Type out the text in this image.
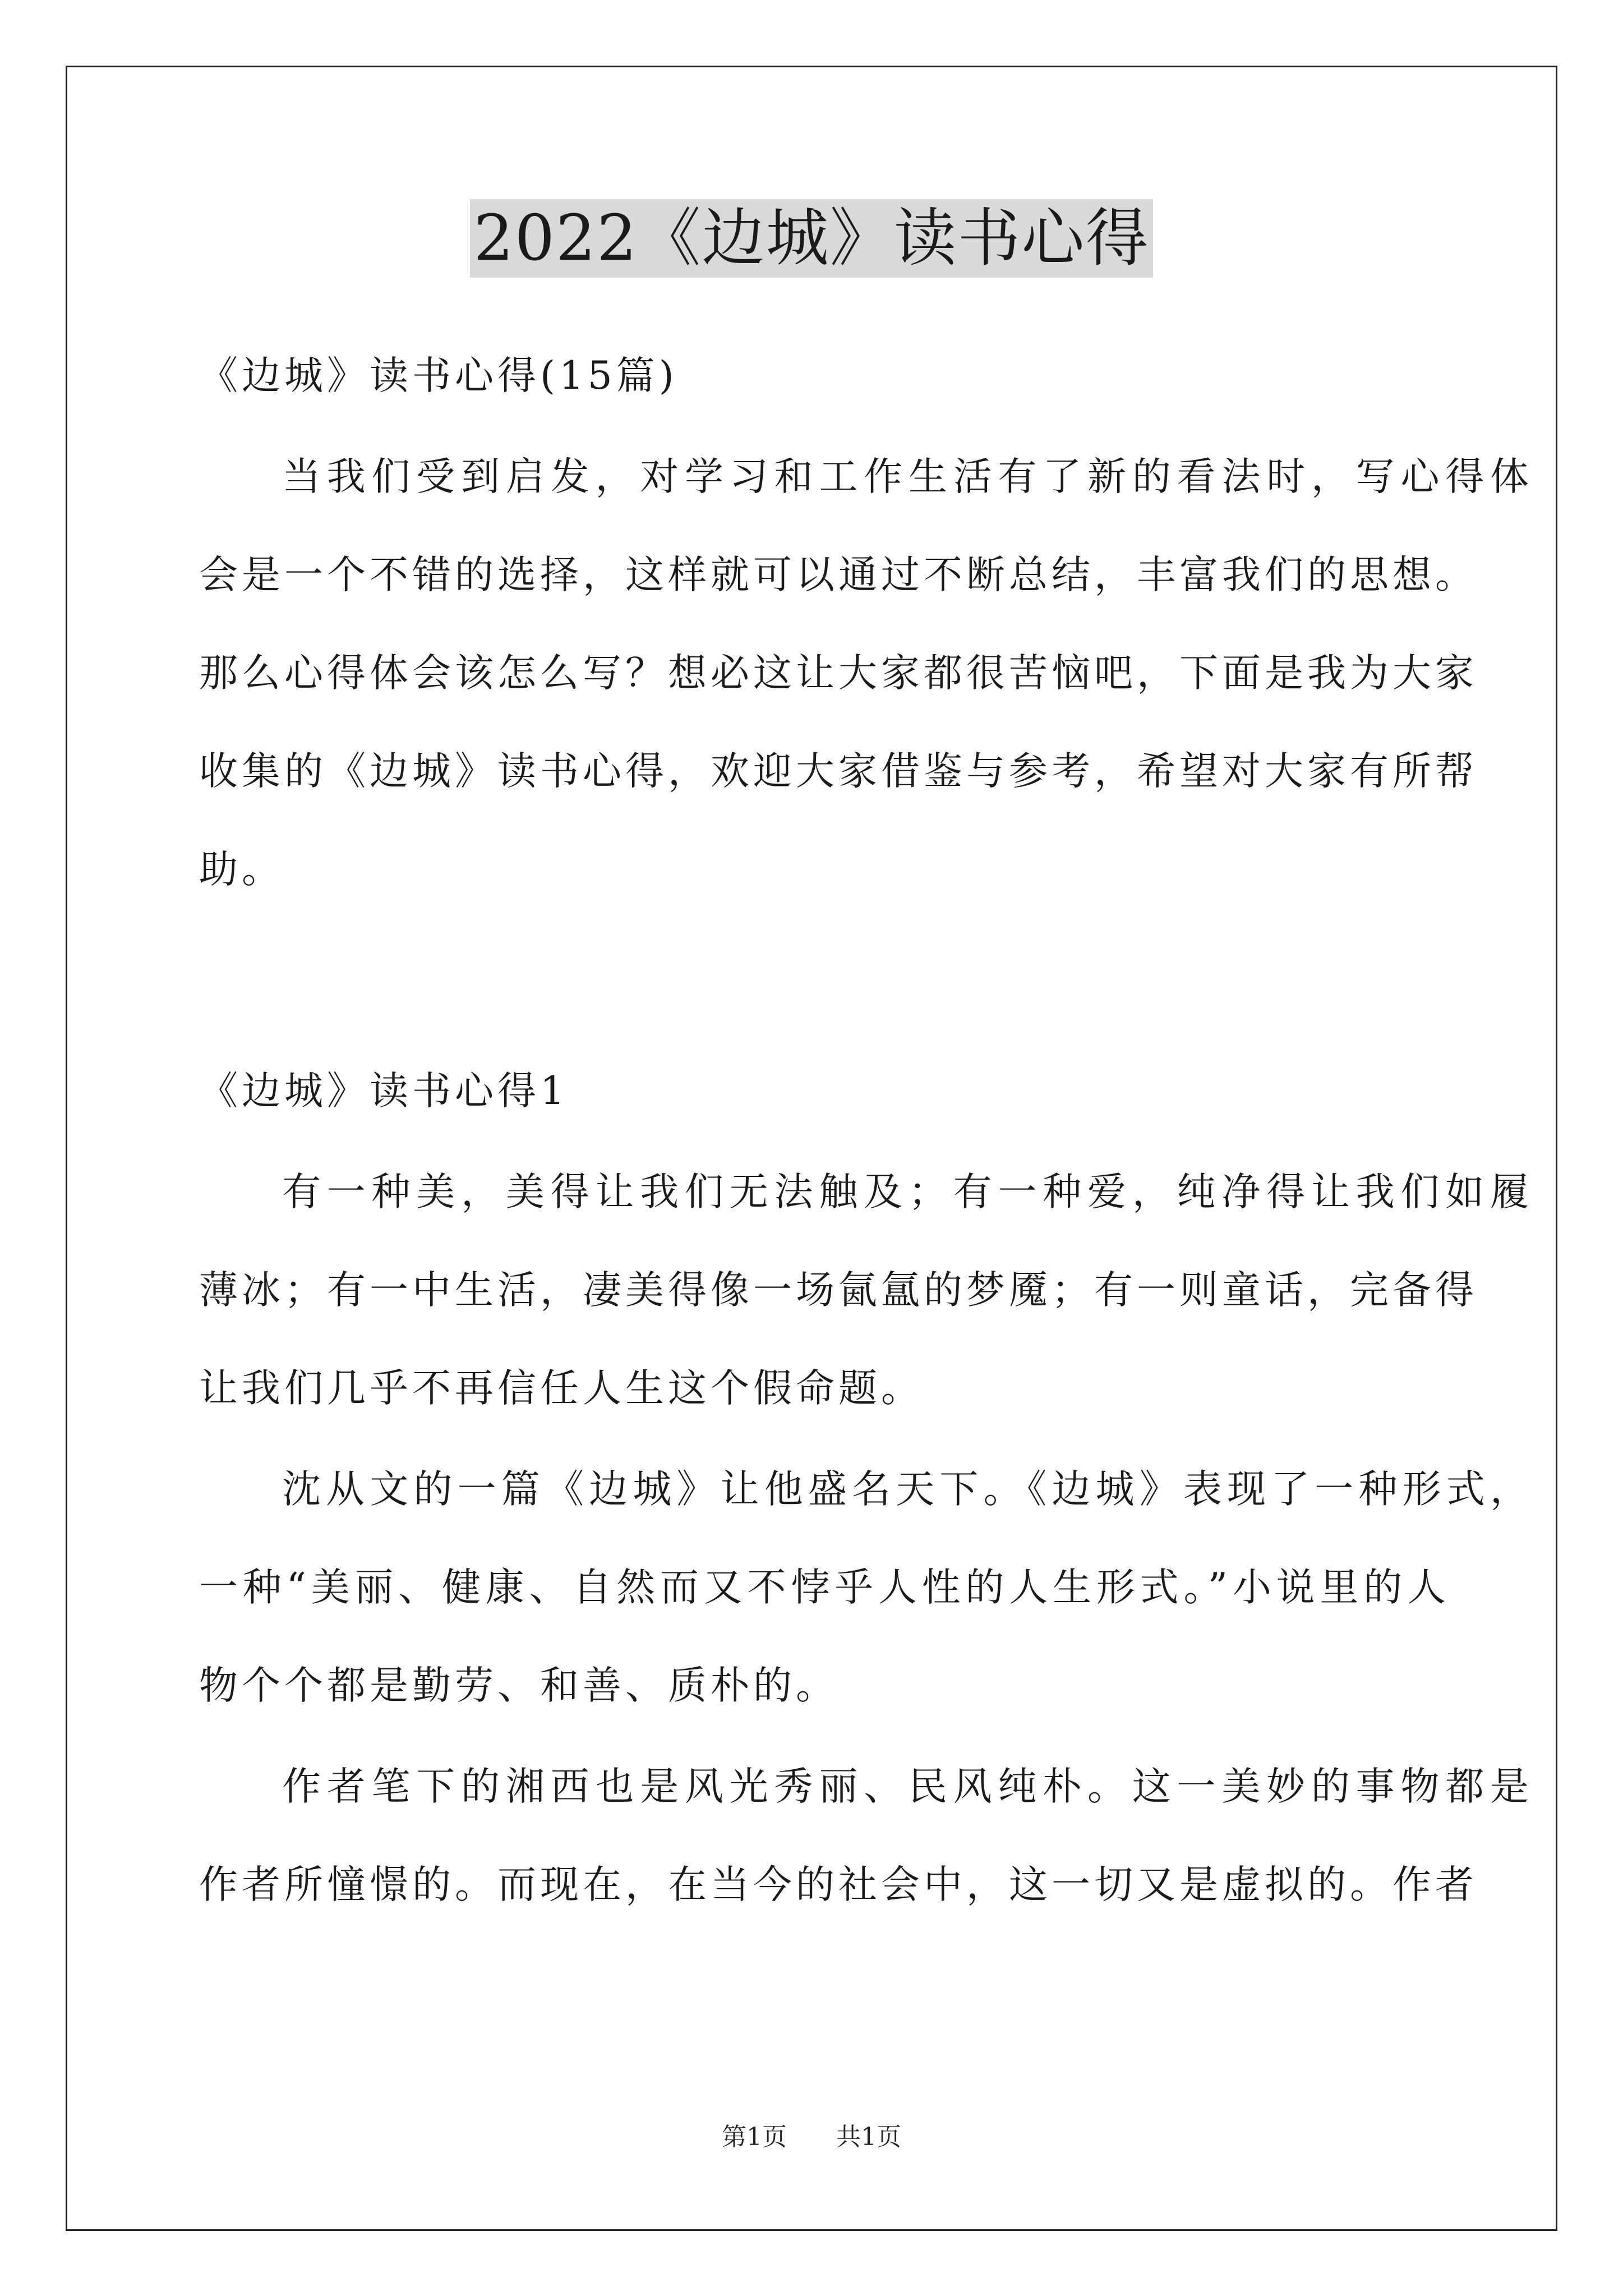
2022《边城》读书心得
《边城》读书心得(15篇)
当我们受到启发，对学习和工作生活有了新的看法时，写心得体
会是一个不错的选择，这样就可以通过不断总结，丰富我们的思想。
那么心得体会该怎么写？想必这让大家都很苦恼吧，下面是我为大家
收集的《边城》读书心得，欢迎大家借鉴与参考，希望对大家有所帮
助。
《边城》读书心得1
有一种美，美得让我们无法触及；有一种爱，纯净得让我们如履
薄冰；有一中生活，凄美得像一场氤氲的梦魇；有一则童话，完备得
让我们几乎不再信任人生这个假命题。
沈从文的一篇《边城》让他盛名天下。《边城》表现了一种形式，
一种“美丽、健康、自然而又不悖乎人性的人生形式。”小说里的人
物个个都是勤劳、和善、质朴的。
作者笔下的湘西也是风光秀丽、民风纯朴。这一美妙的事物都是
作者所憧憬的。而现在，在当今的社会中，这一切又是虚拟的。作者
第1页 共1页
